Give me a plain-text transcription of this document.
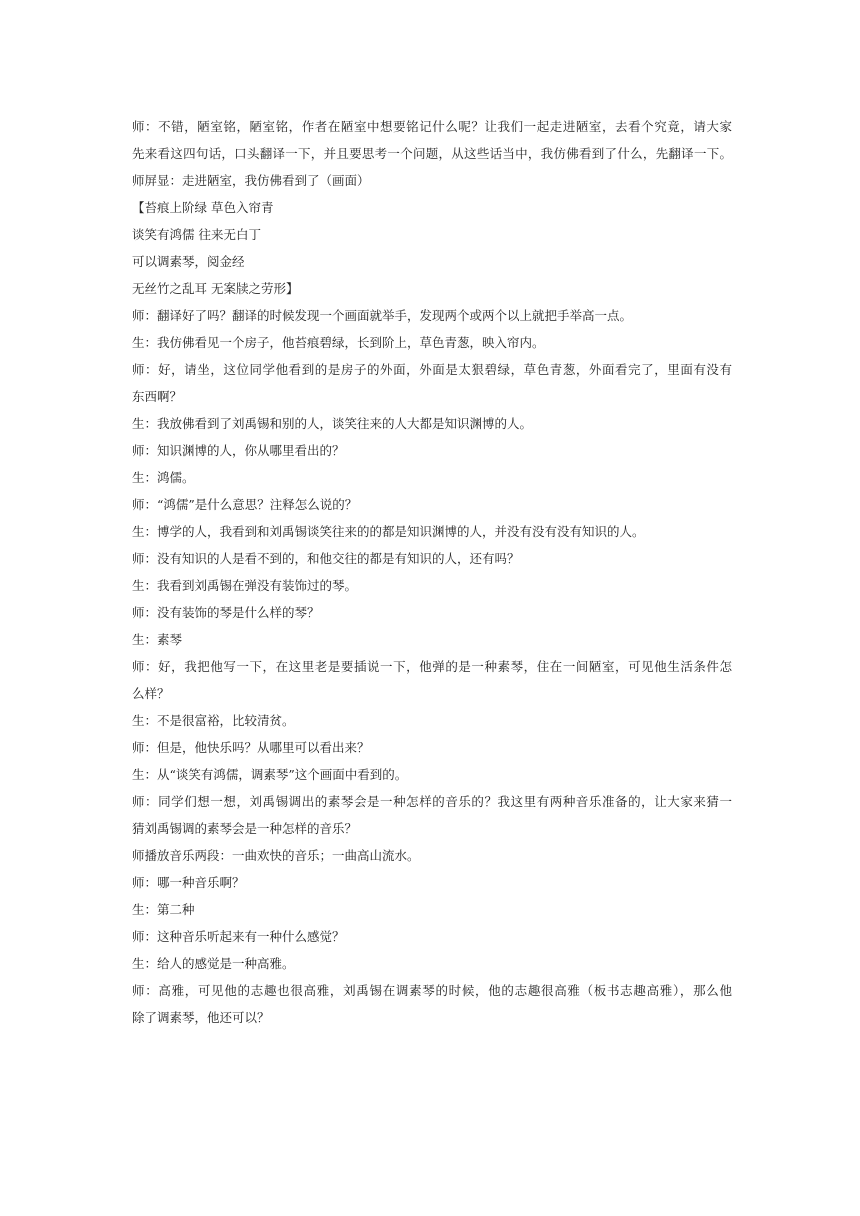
师：不错，陋室铭，陋室铭，作者在陋室中想要铭记什么呢？让我们一起走进陋室，去看个究竟，请大家
先来看这四句话，口头翻译一下，并且要思考一个问题，从这些话当中，我仿佛看到了什么，先翻译一下。
师屏显：走进陋室，我仿佛看到了（画面）
【苔痕上阶绿 草色入帘青
谈笑有鸿儒 往来无白丁
可以调素琴，阅金经
无丝竹之乱耳 无案牍之劳形】
师：翻译好了吗？翻译的时候发现一个画面就举手，发现两个或两个以上就把手举高一点。
生：我仿佛看见一个房子，他苔痕碧绿，长到阶上，草色青葱，映入帘内。
师：好，请坐，这位同学他看到的是房子的外面，外面是太狠碧绿，草色青葱，外面看完了，里面有没有
东西啊？
生：我放佛看到了刘禹锡和别的人，谈笑往来的人大都是知识渊博的人。
师：知识渊博的人，你从哪里看出的？
生：鸿儒。
师：“鸿儒”是什么意思？注释怎么说的？
生：博学的人，我看到和刘禹锡谈笑往来的的都是知识渊博的人，并没有没有没有知识的人。
师：没有知识的人是看不到的，和他交往的都是有知识的人，还有吗？
生：我看到刘禹锡在弹没有装饰过的琴。
师：没有装饰的琴是什么样的琴？
生：素琴
师：好，我把他写一下，在这里老是要插说一下，他弹的是一种素琴，住在一间陋室，可见他生活条件怎
么样？
生：不是很富裕，比较清贫。
师：但是，他快乐吗？从哪里可以看出来？
生：从“谈笑有鸿儒，调素琴”这个画面中看到的。
师：同学们想一想，刘禹锡调出的素琴会是一种怎样的音乐的？我这里有两种音乐准备的，让大家来猜一
猜刘禹锡调的素琴会是一种怎样的音乐？
师播放音乐两段：一曲欢快的音乐；一曲高山流水。
师：哪一种音乐啊？
生：第二种
师：这种音乐听起来有一种什么感觉？
生：给人的感觉是一种高雅。
师：高雅，可见他的志趣也很高雅，刘禹锡在调素琴的时候，他的志趣很高雅（板书志趣高雅），那么他
除了调素琴，他还可以？
